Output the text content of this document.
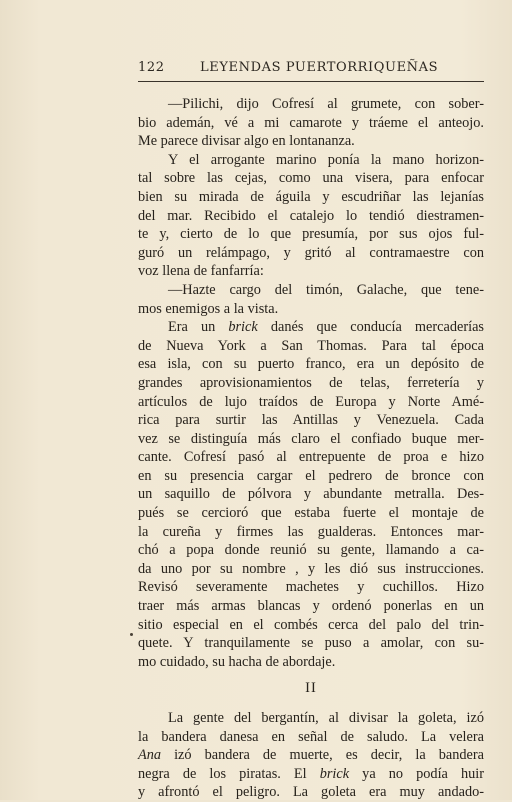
122	LEYENDAS PUERTORRIQUEÑAS
—Pilichi, dijo Cofresí al grumete, con sober-
bio ademán, vé a mi camarote y tráeme el anteojo.
Me parece divisar algo en lontananza.
Y el arrogante marino ponía la mano horizon-
tal sobre las cejas, como una visera, para enfocar
bien su mirada de águila y escudriñar las lejanías
del mar. Recibido el catalejo lo tendió diestramen-
te y, cierto de lo que presumía, por sus ojos ful-
guró un relámpago, y gritó al contramaestre con
voz llena de fanfarría:
—Hazte cargo del timón, Galache, que tene-
mos enemigos a la vista.
Era un brick danés que conducía mercaderías
de Nueva York a San Thomas. Para tal época
esa isla, con su puerto franco, era un depósito de
grandes aprovisionamientos de telas, ferretería y
artículos de lujo traídos de Europa y Norte Amé-
rica para surtir las Antillas y Venezuela. Cada
vez se distinguía más claro el confiado buque mer-
cante. Cofresí pasó al entrepuente de proa e hizo
en su presencia cargar el pedrero de bronce con
un saquillo de pólvora y abundante metralla. Des-
pués se cercioró que estaba fuerte el montaje de
la cureña y firmes las gualderas. Entonces mar-
chó a popa donde reunió su gente, llamando a ca-
da uno por su nombre , y les dió sus instrucciones.
Revisó severamente machetes y cuchillos. Hizo
traer más armas blancas y ordenó ponerlas en un
sitio especial en el combés cerca del palo del trin-
quete. Y tranquilamente se puso a amolar, con su-
mo cuidado, su hacha de abordaje.
II
La gente del bergantín, al divisar la goleta, izó
la bandera danesa en señal de saludo. La velera
Ana izó bandera de muerte, es decir, la bandera
negra de los piratas. El brick ya no podía huir
y afrontó el peligro. La goleta era muy andado-
